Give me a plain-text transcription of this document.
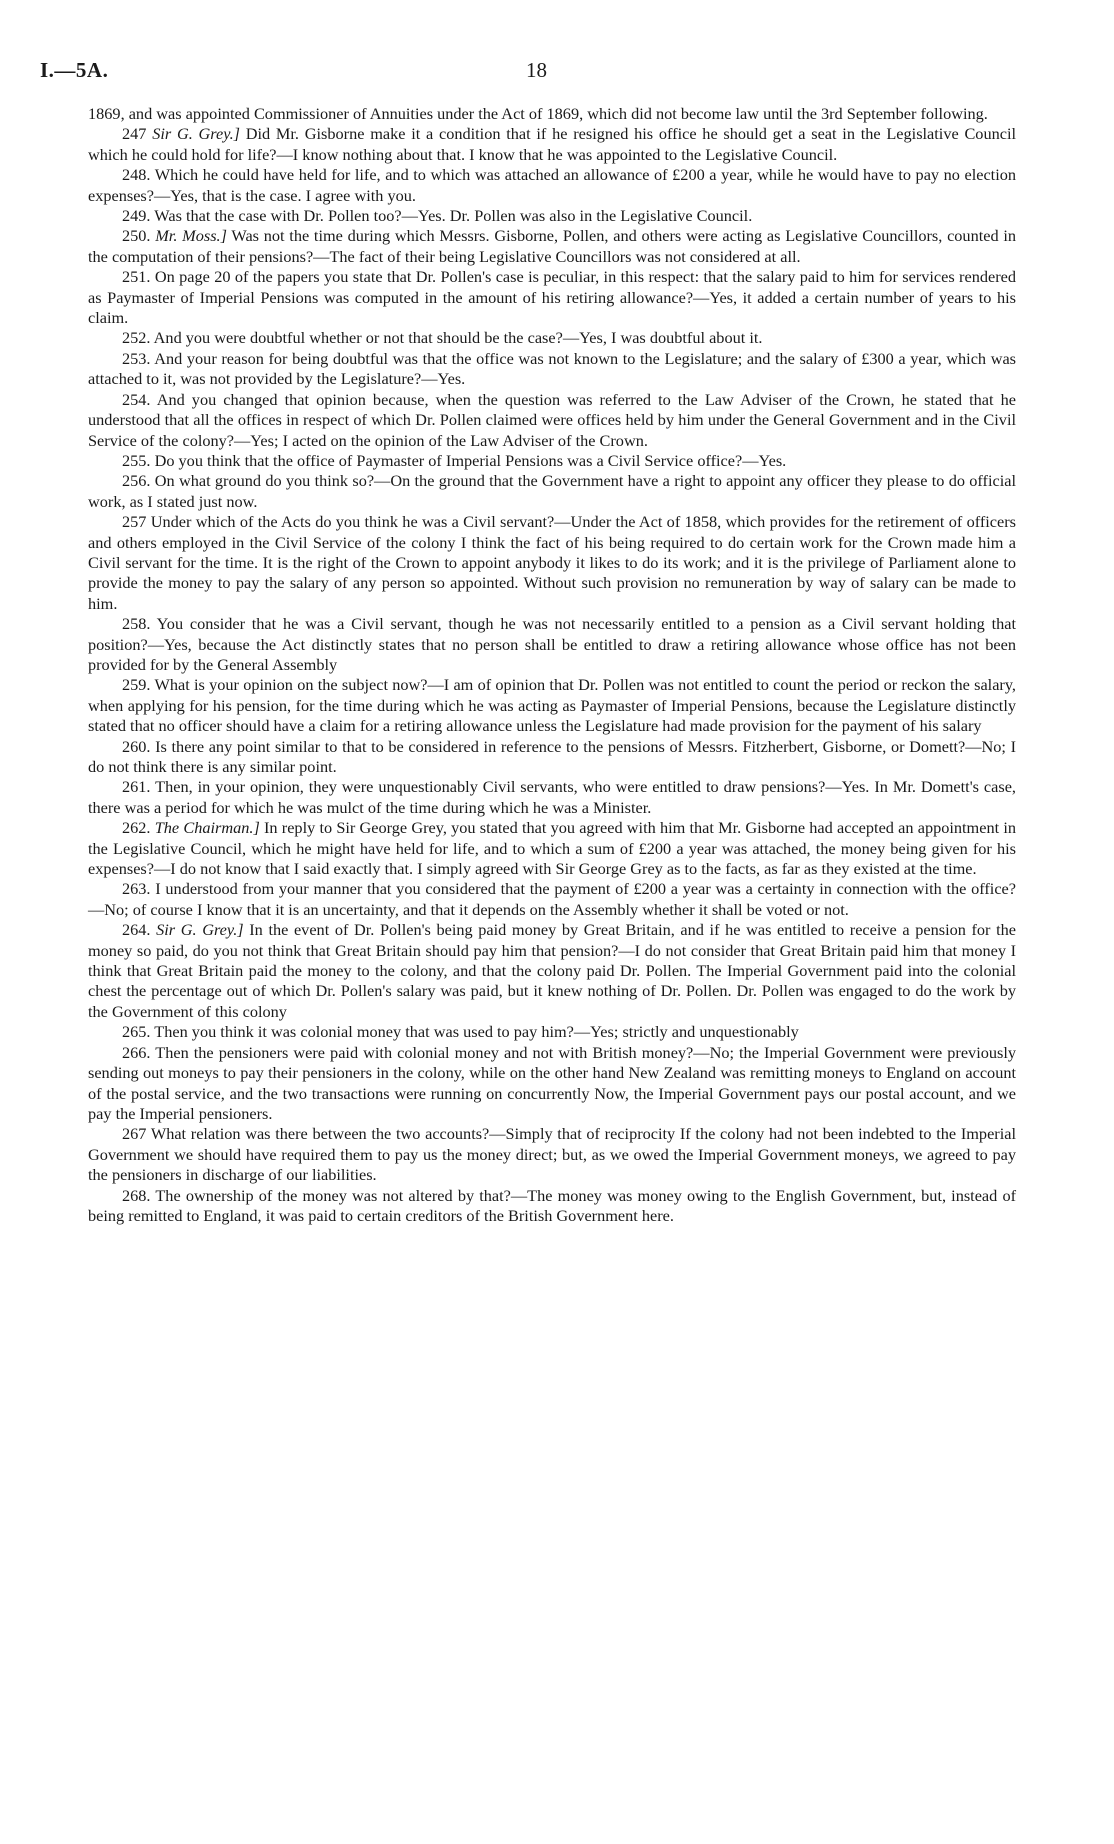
I.—5A.	18

1869, and was appointed Commissioner of Annuities under the Act of 1869, which did not become law until the 3rd September following.

247 Sir G. Grey.] Did Mr. Gisborne make it a condition that if he resigned his office he should get a seat in the Legislative Council which he could hold for life?—I know nothing about that. I know that he was appointed to the Legislative Council.

248. Which he could have held for life, and to which was attached an allowance of £200 a year, while he would have to pay no election expenses?—Yes, that is the case. I agree with you.

249. Was that the case with Dr. Pollen too?—Yes. Dr. Pollen was also in the Legislative Council.

250. Mr. Moss.] Was not the time during which Messrs. Gisborne, Pollen, and others were acting as Legislative Councillors, counted in the computation of their pensions?—The fact of their being Legislative Councillors was not considered at all.

251. On page 20 of the papers you state that Dr. Pollen's case is peculiar, in this respect: that the salary paid to him for services rendered as Paymaster of Imperial Pensions was computed in the amount of his retiring allowance?—Yes, it added a certain number of years to his claim.

252. And you were doubtful whether or not that should be the case?—Yes, I was doubtful about it.

253. And your reason for being doubtful was that the office was not known to the Legislature; and the salary of £300 a year, which was attached to it, was not provided by the Legislature?—Yes.

254. And you changed that opinion because, when the question was referred to the Law Adviser of the Crown, he stated that he understood that all the offices in respect of which Dr. Pollen claimed were offices held by him under the General Government and in the Civil Service of the colony?—Yes; I acted on the opinion of the Law Adviser of the Crown.

255. Do you think that the office of Paymaster of Imperial Pensions was a Civil Service office?—Yes.

256. On what ground do you think so?—On the ground that the Government have a right to appoint any officer they please to do official work, as I stated just now.

257 Under which of the Acts do you think he was a Civil servant?—Under the Act of 1858, which provides for the retirement of officers and others employed in the Civil Service of the colony I think the fact of his being required to do certain work for the Crown made him a Civil servant for the time. It is the right of the Crown to appoint anybody it likes to do its work; and it is the privilege of Parliament alone to provide the money to pay the salary of any person so appointed. Without such provision no remuneration by way of salary can be made to him.

258. You consider that he was a Civil servant, though he was not necessarily entitled to a pension as a Civil servant holding that position?—Yes, because the Act distinctly states that no person shall be entitled to draw a retiring allowance whose office has not been provided for by the General Assembly

259. What is your opinion on the subject now?—I am of opinion that Dr. Pollen was not entitled to count the period or reckon the salary, when applying for his pension, for the time during which he was acting as Paymaster of Imperial Pensions, because the Legislature distinctly stated that no officer should have a claim for a retiring allowance unless the Legislature had made provision for the payment of his salary

260. Is there any point similar to that to be considered in reference to the pensions of Messrs. Fitzherbert, Gisborne, or Domett?—No; I do not think there is any similar point.

261. Then, in your opinion, they were unquestionably Civil servants, who were entitled to draw pensions?—Yes. In Mr. Domett's case, there was a period for which he was mulct of the time during which he was a Minister.

262. The Chairman.] In reply to Sir George Grey, you stated that you agreed with him that Mr. Gisborne had accepted an appointment in the Legislative Council, which he might have held for life, and to which a sum of £200 a year was attached, the money being given for his expenses?—I do not know that I said exactly that. I simply agreed with Sir George Grey as to the facts, as far as they existed at the time.

263. I understood from your manner that you considered that the payment of £200 a year was a certainty in connection with the office?—No; of course I know that it is an uncertainty, and that it depends on the Assembly whether it shall be voted or not.

264. Sir G. Grey.] In the event of Dr. Pollen's being paid money by Great Britain, and if he was entitled to receive a pension for the money so paid, do you not think that Great Britain should pay him that pension?—I do not consider that Great Britain paid him that money I think that Great Britain paid the money to the colony, and that the colony paid Dr. Pollen. The Imperial Government paid into the colonial chest the percentage out of which Dr. Pollen's salary was paid, but it knew nothing of Dr. Pollen. Dr. Pollen was engaged to do the work by the Government of this colony

265. Then you think it was colonial money that was used to pay him?—Yes; strictly and unquestionably

266. Then the pensioners were paid with colonial money and not with British money?—No; the Imperial Government were previously sending out moneys to pay their pensioners in the colony, while on the other hand New Zealand was remitting moneys to England on account of the postal service, and the two transactions were running on concurrently Now, the Imperial Government pays our postal account, and we pay the Imperial pensioners.

267 What relation was there between the two accounts?—Simply that of reciprocity If the colony had not been indebted to the Imperial Government we should have required them to pay us the money direct; but, as we owed the Imperial Government moneys, we agreed to pay the pensioners in discharge of our liabilities.

268. The ownership of the money was not altered by that?—The money was money owing to the English Government, but, instead of being remitted to England, it was paid to certain creditors of the British Government here.
